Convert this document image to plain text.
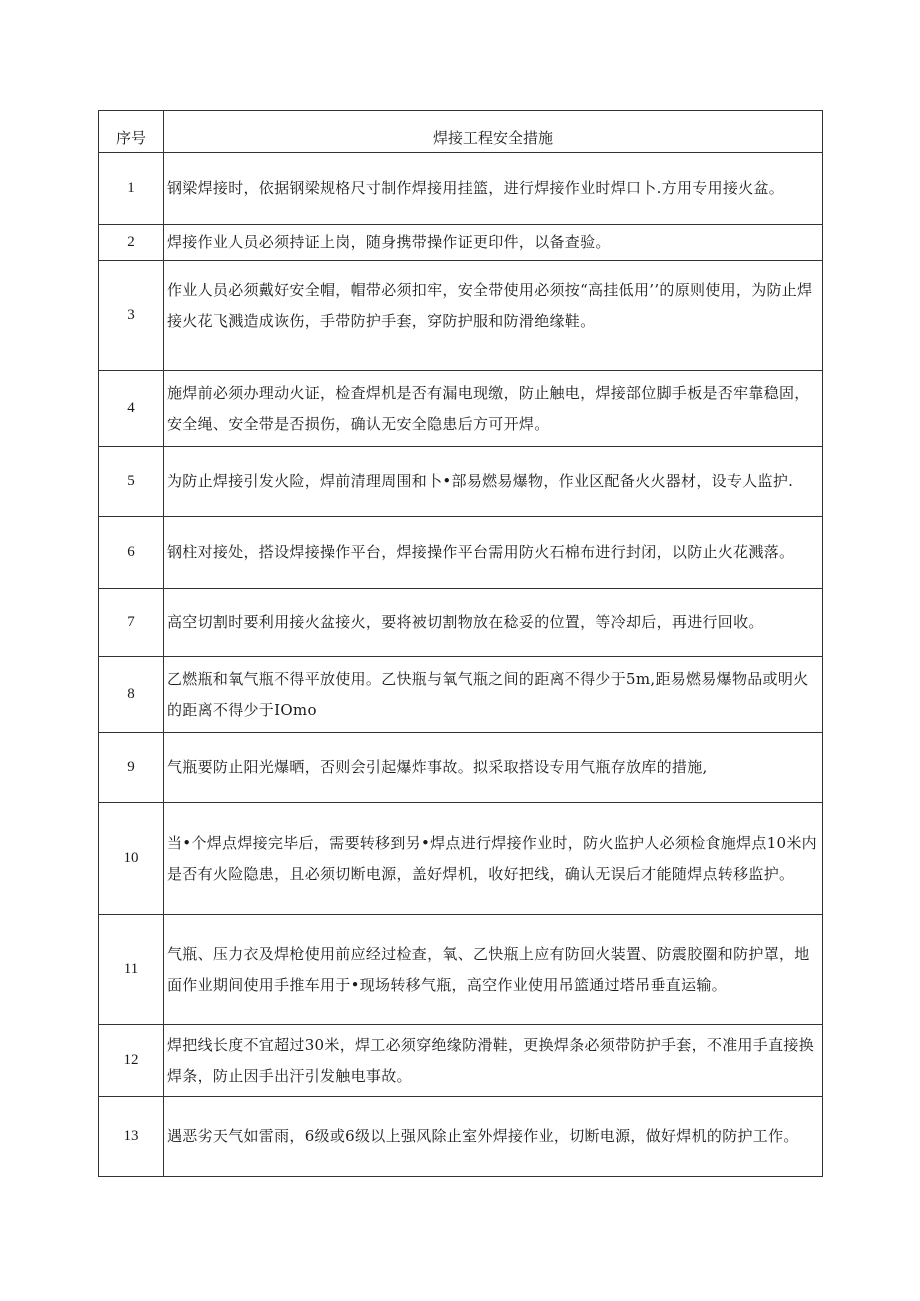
序号	焊接工程安全措施
1	钢梁焊接时，依据钢梁规格尺寸制作焊接用挂篮，进行焊接作业时焊口卜.方用专用接火盆。
2	焊接作业人员必须持证上岗，随身携带操作证更印件，以备查验。
3	作业人员必须戴好安全帽，帽带必须扣牢，安全带使用必须按“高挂低用’’的原则使用，为防止焊接火花飞溅造成诙伤，手带防护手套，穿防护服和防滑绝缘鞋。
4	施焊前必须办理动火证，检査焊机是否有漏电现缴，防止触电，焊接部位脚手板是否牢靠稳固，安全绳、安全带是否损伤，确认无安全隐患后方可开焊。
5	为防止焊接引发火险，焊前清理周围和卜•部易燃易爆物，作业区配备火火器材，设专人监护.
6	钢柱对接处，搭设焊接操作平台，焊接操作平台需用防火石棉布进行封闭，以防止火花溅落。
7	高空切割时要利用接火盆接火，要将被切割物放在稔妥的位置，等冷却后，再进行回收。
8	乙燃瓶和氧气瓶不得平放使用。乙快瓶与氧气瓶之间的距离不得少于5m,距易燃易爆物品或明火的距离不得少于IOmo
9	气瓶要防止阳光爆晒，否则会引起爆炸事故。拟采取搭设专用气瓶存放库的措施,
10	当•个焊点焊接完毕后，需要转移到另•焊点进行焊接作业时，防火监护人必须检食施焊点10米内是否有火险隐患，且必须切断电源，盖好焊机，收好把线，确认无误后才能随焊点转移监护。
11	气瓶、压力衣及焊枪使用前应经过检查，氧、乙快瓶上应有防回火装置、防震胶圈和防护罩，地面作业期间使用手推车用于•现场转移气瓶，高空作业使用吊篮通过塔吊垂直运输。
12	焊把线长度不宜超过30米，焊工必须穿绝缘防滑鞋，更换焊条必须带防护手套，不准用手直接换焊条，防止因手出汗引发触电事故。
13	遇恶劣天气如雷雨，6级或6级以上强风除止室外焊接作业，切断电源，做好焊机的防护工作。
